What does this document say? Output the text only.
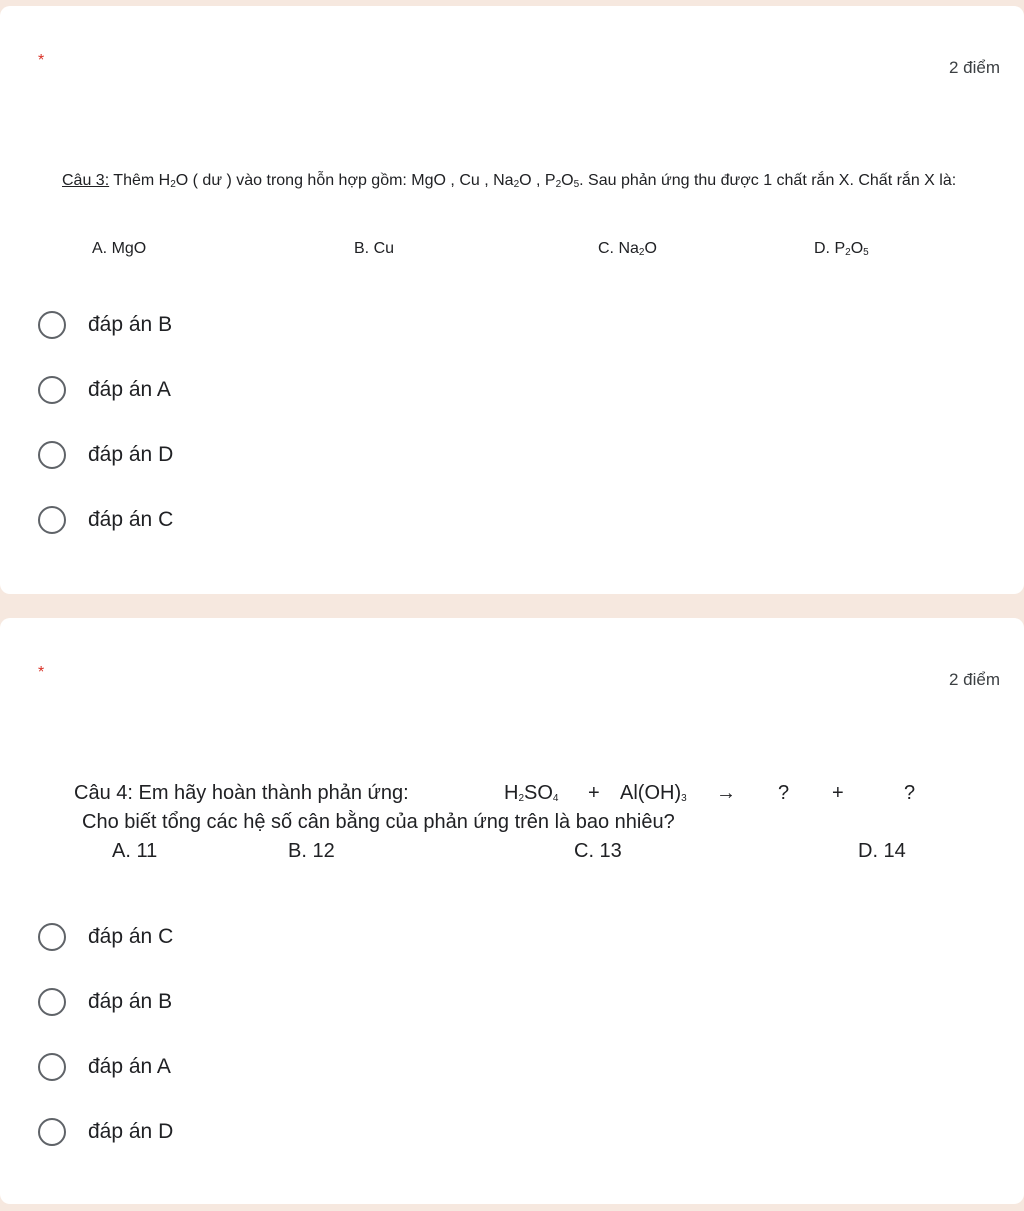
*	2 điểm
Câu 3: Thêm $H_2O$ ( dư ) vào trong hỗn hợp gồm: MgO , Cu , $Na_2O$ , $P_2O_5$. Sau phản ứng thu được 1 chất rắn X. Chất rắn X là:
A. MgO	B. Cu	C. $Na_2O$	D. $P_2O_5$
đáp án B
đáp án A
đáp án D
đáp án C
*	2 điểm
Câu 4: Em hãy hoàn thành phản ứng:	$H_2SO_4 + Al(OH)_3$ → ? +	?
Cho biết tổng các hệ số cân bằng của phản ứng trên là bao nhiêu?
A. 11	B. 12	C. 13	D. 14
đáp án C
đáp án B
đáp án A
đáp án D
